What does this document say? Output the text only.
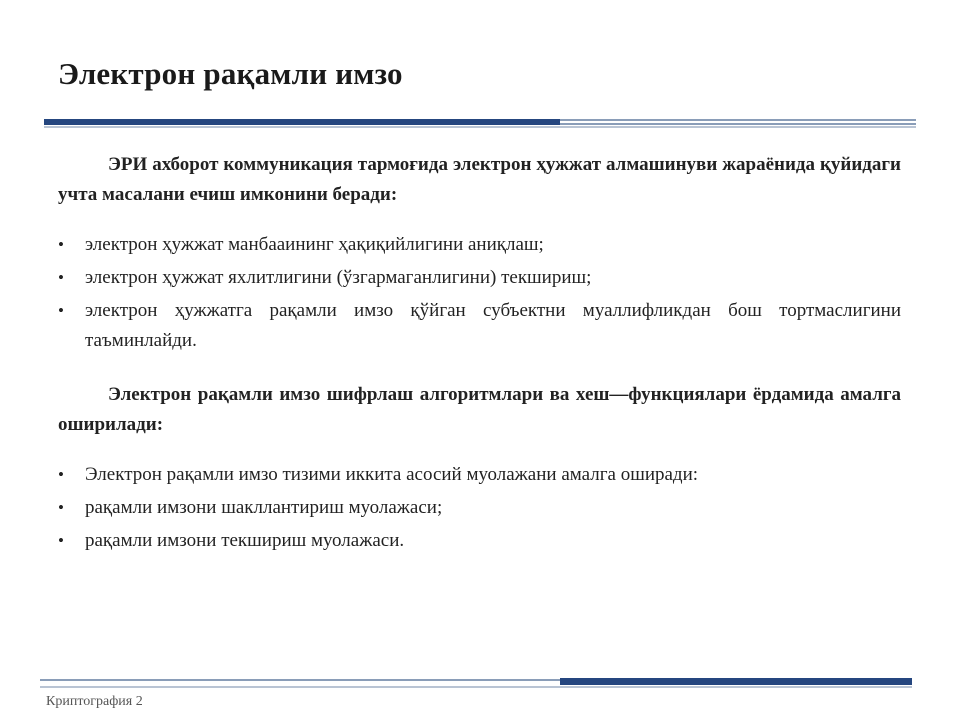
Электрон рақамли имзо

ЭРИ ахборот коммуникация тармоғида электрон ҳужжат алмашинуви жараёнида қуйидаги учта масалани ечиш имконини беради:

• электрон ҳужжат манбааининг ҳақиқийлигини аниқлаш;
• электрон ҳужжат яхлитлигини (ўзгармаганлигини) текшириш;
• электрон ҳужжатга рақамли имзо қўйган субъектни муаллифликдан бош тортмаслигини таъминлайди.

Электрон рақамли имзо шифрлаш алгоритмлари ва хеш—функциялари ёрдамида амалга оширилади:

• Электрон рақамли имзо тизими иккита асосий муолажани амалга оширади:
• рақамли имзони шакллантириш муолажаси;
• рақамли имзони текшириш муолажаси.
Криптография 2
